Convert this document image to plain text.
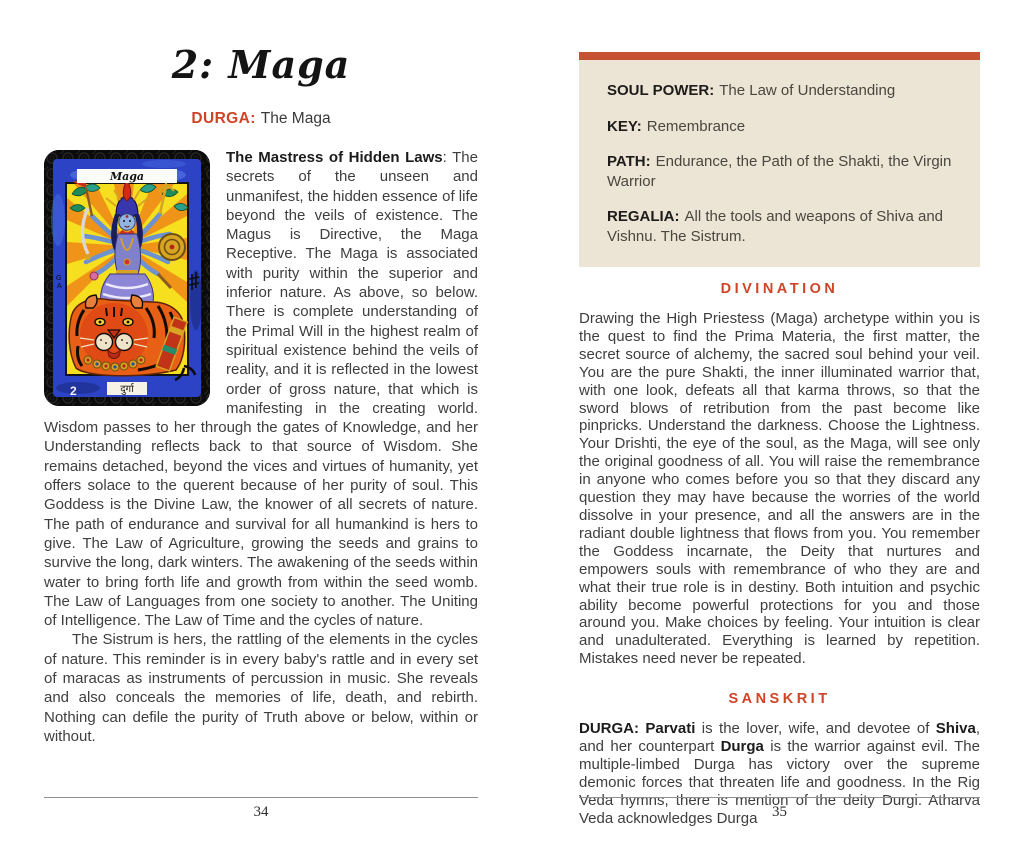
2: Maga
DURGA: The Maga
Maga
दुर्गा
2
G
A

The Mastress of Hidden Laws: The secrets of the unseen and unmanifest, the hidden essence of life beyond the veils of existence. The Magus is Directive, the Maga Receptive. The Maga is associated with purity within the superior and inferior nature. As above, so below. There is complete understanding of the Primal Will in the highest realm of spiritual existence behind the veils of reality, and it is reflected in the lowest order of gross nature, that which is manifesting in the creating world. Wisdom passes to her through the gates of Knowledge, and her Understanding reflects back to that source of Wisdom. She remains detached, beyond the vices and virtues of humanity, yet offers solace to the querent because of her purity of soul. This Goddess is the Divine Law, the knower of all secrets of nature. The path of endurance and survival for all humankind is hers to give. The Law of Agriculture, growing the seeds and grains to survive the long, dark winters. The awakening of the seeds within water to bring forth life and growth from within the seed womb. The Law of Languages from one society to another. The Uniting of Intelligence. The Law of Time and the cycles of nature.

The Sistrum is hers, the rattling of the elements in the cycles of nature. This reminder is in every baby's rattle and in every set of maracas as instruments of percussion in music. She reveals and also conceals the memories of life, death, and rebirth. Nothing can defile the purity of Truth above or below, within or without.

SOUL POWER: The Law of Understanding

KEY: Remembrance

PATH: Endurance, the Path of the Shakti, the Virgin Warrior

REGALIA: All the tools and weapons of Shiva and Vishnu. The Sistrum.

DIVINATION

Drawing the High Priestess (Maga) archetype within you is the quest to find the Prima Materia, the first matter, the secret source of alchemy, the sacred soul behind your veil. You are the pure Shakti, the inner illuminated warrior that, with one look, defeats all that karma throws, so that the sword blows of retribution from the past become like pinpricks. Understand the darkness. Choose the Lightness. Your Drishti, the eye of the soul, as the Maga, will see only the original goodness of all. You will raise the remembrance in anyone who comes before you so that they discard any question they may have because the worries of the world dissolve in your presence, and all the answers are in the radiant double lightness that flows from you. You remember the Goddess incarnate, the Deity that nurtures and empowers souls with remembrance of who they are and what their true role is in destiny. Both intuition and psychic ability become powerful protections for you and those around you. Make choices by feeling. Your intuition is clear and unadulterated. Everything is learned by repetition. Mistakes need never be repeated.

SANSKRIT

DURGA: Parvati is the lover, wife, and devotee of Shiva, and her counterpart Durga is the warrior against evil. The multiple-limbed Durga has victory over the supreme demonic forces that threaten life and goodness. In the Rig Veda hymns, there is mention of the deity Durgi. Atharva Veda acknowledges Durga

34	35
